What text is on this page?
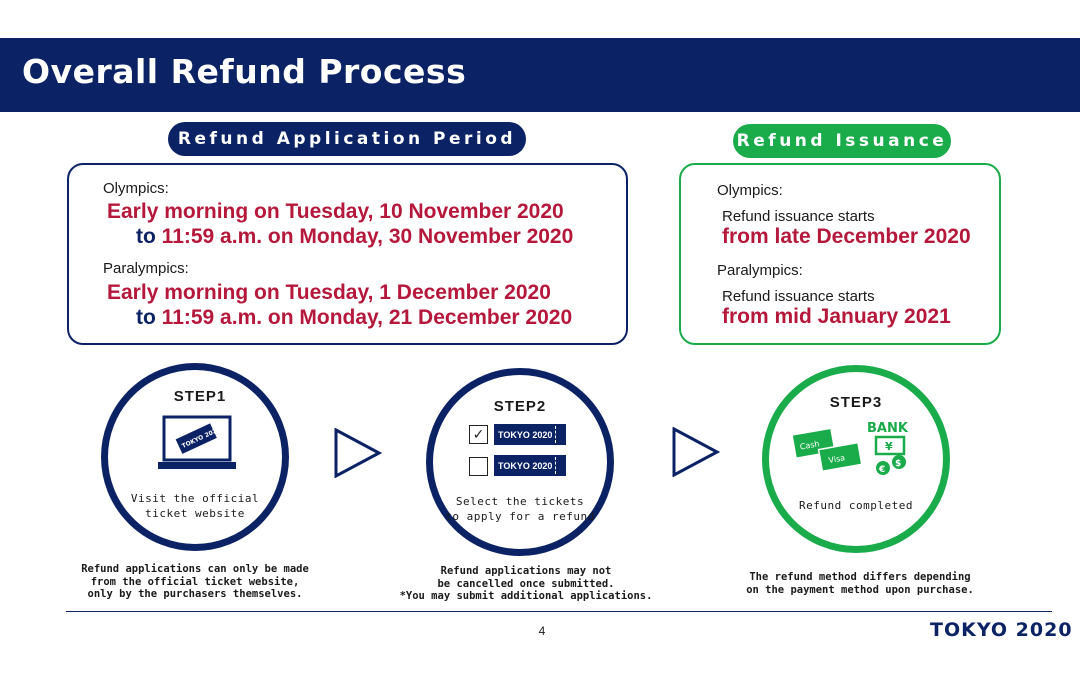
Overall Refund Process
Refund Application Period	Refund Issuance
Olympics:
Early morning on Tuesday, 10 November 2020
to 11:59 a.m. on Monday, 30 November 2020
Paralympics:
Early morning on Tuesday, 1 December 2020
to 11:59 a.m. on Monday, 21 December 2020
Olympics:
Refund issuance starts
from late December 2020
Paralympics:
Refund issuance starts
from mid January 2021
STEP1
TOKYO 2020
Visit the official
ticket website
Refund applications can only be made
from the official ticket website,
only by the purchasers themselves.
STEP2
✓	TOKYO 2020
TOKYO 2020
Select the tickets
to apply for a refund
Refund applications may not
be cancelled once submitted.
*You may submit additional applications.
STEP3
Cash
Visa
BANK
¥
€
$
Refund completed
The refund method differs depending
on the payment method upon purchase.
4	TOKYO 2020
